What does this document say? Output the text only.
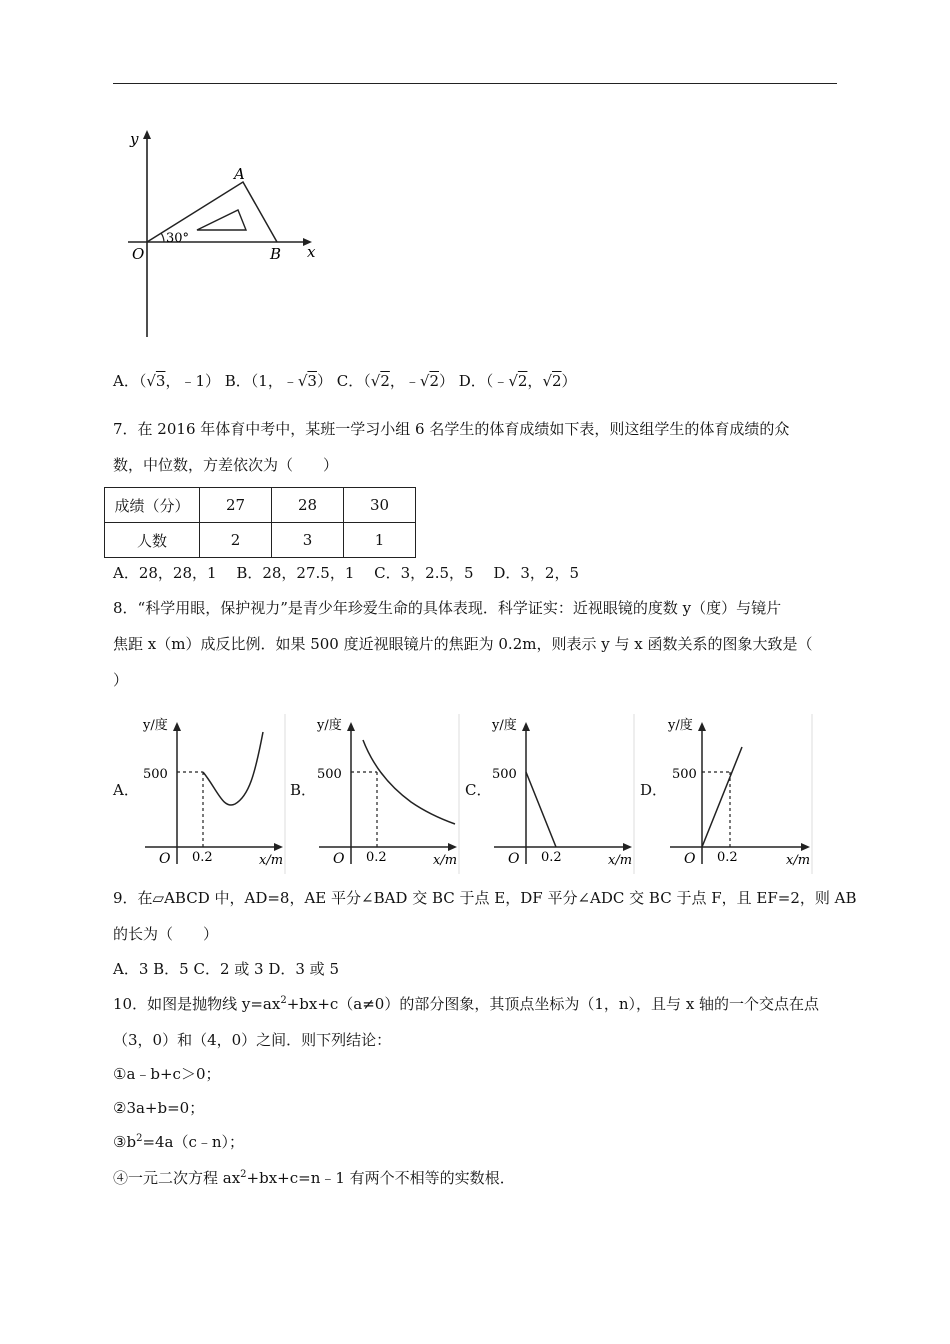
y
x
O
30°
A
B
A．（√3，﹣1） B．（1，﹣√3） C．（√2，﹣√2） D．（﹣√2，√2）
7．在 2016 年体育中考中，某班一学习小组 6 名学生的体育成绩如下表，则这组学生的体育成绩的众
数，中位数，方差依次为（　　）
成绩（分）	27	28	30
人数	2	3	1
A．28，28，1　 B．28，27.5，1　 C．3，2.5，5　 D．3，2，5
8．“科学用眼，保护视力”是青少年珍爱生命的具体表现．科学证实：近视眼镜的度数 y（度）与镜片
焦距 x（m）成反比例．如果 500 度近视眼镜片的焦距为 0.2m，则表示 y 与 x 函数关系的图象大致是（
）
A．
y/度
x/m
O
500
0.2
B．
y/度
x/m
O
500
0.2
C．
y/度
x/m
O
500
0.2
D．
y/度
x/m
O
500
0.2
9．在▱ABCD 中，AD=8，AE 平分∠BAD 交 BC 于点 E，DF 平分∠ADC 交 BC 于点 F，且 EF=2，则 AB
的长为（　　）
A．3 B．5 C．2 或 3 D．3 或 5
10．如图是抛物线 $y=ax^2+bx+c(a\ne 0)$的部分图象，其顶点坐标为（1，n），且与 x 轴的一个交点在点
（3，0）和（4，0）之间．则下列结论：
①a﹣b+c＞0；
②3a+b=0；
$③b^2=4a(c﹣n)$；
④一元二次方程 $ax^2+bx+c=n﹣1$ 有两个不相等的实数根．
